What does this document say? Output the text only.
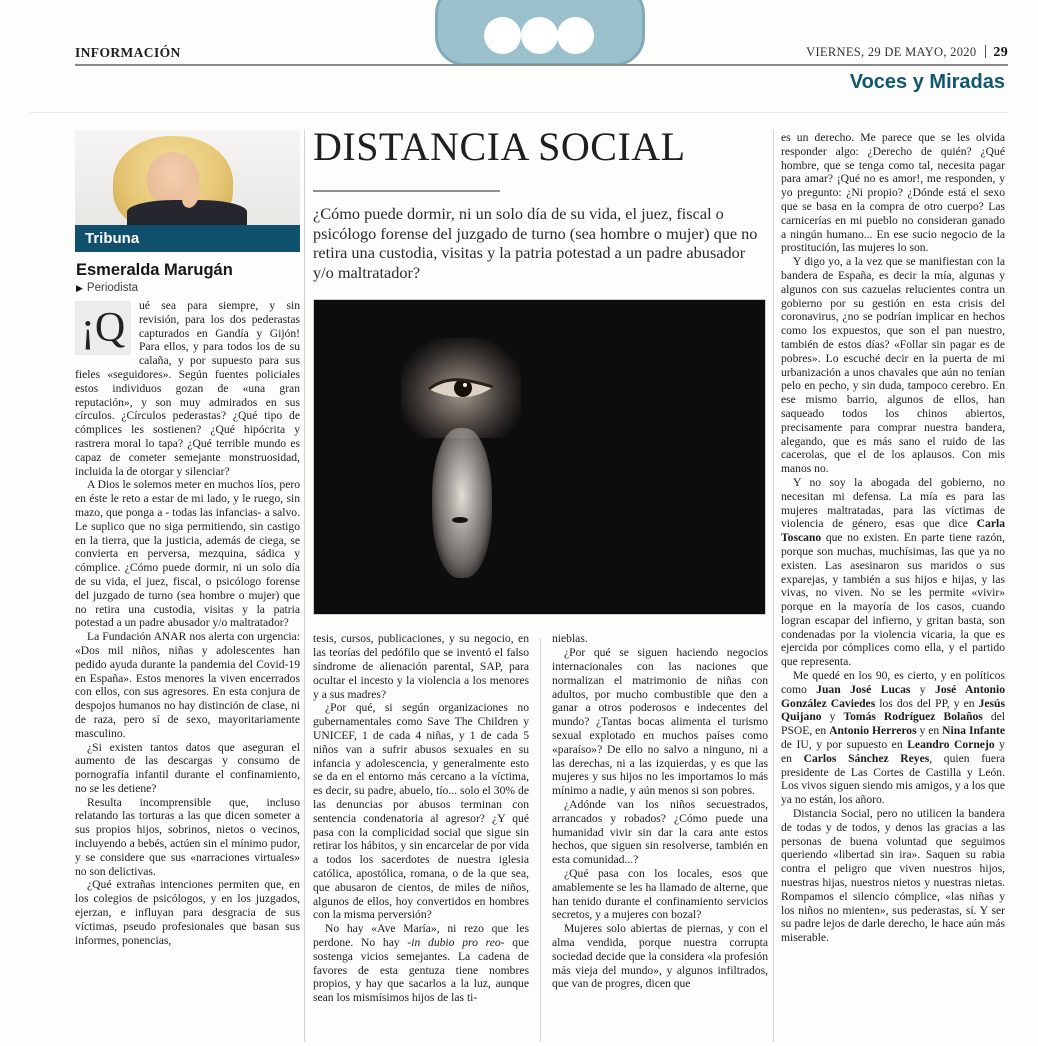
INFORMACIÓN	VIERNES, 29 DE MAYO, 2020 29
Voces y Miradas
Tribuna
Esmeralda Marugán
▶ Periodista
¡Q	ué sea para siempre, y sin revisión, para los dos pederastas capturados en Gandía y Gijón! Para ellos, y para todos los de su calaña, y por supuesto para sus fieles «seguidores». Según fuentes policiales estos individuos gozan de «una gran reputación», y son muy admirados en sus círculos. ¿Círculos pederastas? ¿Qué tipo de cómplices les sostienen? ¿Qué hipócrita y rastrera moral lo tapa? ¿Qué terrible mundo es capaz de cometer semejante monstruosidad, incluida la de otorgar y silenciar?

A Dios le solemos meter en muchos líos, pero en éste le reto a estar de mi lado, y le ruego, sin mazo, que ponga a - todas las infancias- a salvo. Le suplico que no siga permitiendo, sin castigo en la tierra, que la justicia, además de ciega, se convierta en perversa, mezquina, sádica y cómplice. ¿Cómo puede dormir, ni un solo día de su vida, el juez, fiscal, o psicólogo forense del juzgado de turno (sea hombre o mujer) que no retira una custodia, visitas y la patria potestad a un padre abusador y/o maltratador?

La Fundación ANAR nos alerta con urgencia: «Dos mil niños, niñas y adolescentes han pedido ayuda durante la pandemia del Covid-19 en España». Estos menores la viven encerrados con ellos, con sus agresores. En esta conjura de despojos humanos no hay distinción de clase, ni de raza, pero sí de sexo, mayoritariamente masculino.

¿Si existen tantos datos que aseguran el aumento de las descargas y consumo de pornografía infantil durante el confinamiento, no se les detiene?

Resulta incomprensible que, incluso relatando las torturas a las que dicen someter a sus propios hijos, sobrinos, nietos o vecinos, incluyendo a bebés, actúen sin el mínimo pudor, y se considere que sus «narraciones virtuales» no son delictivas.

¿Qué extrañas intenciones permiten que, en los colegios de psicólogos, y en los juzgados, ejerzan, e influyan para desgracia de sus víctimas, pseudo profesionales que basan sus informes, ponencias,

DISTANCIA SOCIAL

¿Cómo puede dormir, ni un solo día de su vida, el juez, fiscal o psicólogo forense del juzgado de turno (sea hombre o mujer) que no retira una custodia, visitas y la patria potestad a un padre abusador y/o maltratador?

tesis, cursos, publicaciones, y su negocio, en las teorías del pedófilo que se inventó el falso síndrome de alienación parental, SAP, para ocultar el incesto y la violencia a los menores y a sus madres?

¿Por qué, si según organizaciones no gubernamentales como Save The Children y UNICEF, 1 de cada 4 niñas, y 1 de cada 5 niños van a sufrir abusos sexuales en su infancia y adolescencia, y generalmente esto se da en el entorno más cercano a la víctima, es decir, su padre, abuelo, tío... solo el 30% de las denuncias por abusos terminan con sentencia condenatoria al agresor? ¿Y qué pasa con la complicidad social que sigue sin retirar los hábitos, y sin encarcelar de por vida a todos los sacerdotes de nuestra iglesia católica, apostólica, romana, o de la que sea, que abusaron de cientos, de miles de niños, algunos de ellos, hoy convertidos en hombres con la misma perversión?

No hay «Ave María», ni rezo que les perdone. No hay -in dubio pro reo- que sostenga vicios semejantes. La cadena de favores de esta gentuza tiene nombres propios, y hay que sacarlos a la luz, aunque sean los mismísimos hijos de las ti-

nieblas.

¿Por qué se siguen haciendo negocios internacionales con las naciones que normalizan el matrimonio de niñas con adultos, por mucho combustible que den a ganar a otros poderosos e indecentes del mundo? ¿Tantas bocas alimenta el turismo sexual explotado en muchos países como «paraíso»? De ello no salvo a ninguno, ni a las derechas, ni a las izquierdas, y es que las mujeres y sus hijos no les importamos lo más mínimo a nadie, y aún menos si son pobres.

¿Adónde van los niños secuestrados, arrancados y robados? ¿Cómo puede una humanidad vivir sin dar la cara ante estos hechos, que siguen sin resolverse, también en esta comunidad...?

¿Qué pasa con los locales, esos que amablemente se les ha llamado de alterne, que han tenido durante el confinamiento servicios secretos, y a mujeres con bozal?

Mujeres solo abiertas de piernas, y con el alma vendida, porque nuestra corrupta sociedad decide que la considera «la profesión más vieja del mundo», y algunos infiltrados, que van de progres, dicen que

es un derecho. Me parece que se les olvida responder algo: ¿Derecho de quién? ¿Qué hombre, que se tenga como tal, necesita pagar para amar? ¡Qué no es amor!, me responden, y yo pregunto: ¿Ni propio? ¿Dónde está el sexo que se basa en la compra de otro cuerpo? Las carnicerías en mi pueblo no consideran ganado a ningún humano... En ese sucio negocio de la prostitución, las mujeres lo son.

Y digo yo, a la vez que se manifiestan con la bandera de España, es decir la mía, algunas y algunos con sus cazuelas relucientes contra un gobierno por su gestión en esta crisis del coronavirus, ¿no se podrían implicar en hechos como los expuestos, que son el pan nuestro, también de estos días? «Follar sin pagar es de pobres». Lo escuché decir en la puerta de mi urbanización a unos chavales que aún no tenían pelo en pecho, y sin duda, tampoco cerebro. En ese mismo barrio, algunos de ellos, han saqueado todos los chinos abiertos, precisamente para comprar nuestra bandera, alegando, que es más sano el ruido de las cacerolas, que el de los aplausos. Con mis manos no.

Y no soy la abogada del gobierno, no necesitan mi defensa. La mía es para las mujeres maltratadas, para las víctimas de violencia de género, esas que dice Carla Toscano que no existen. En parte tiene razón, porque son muchas, muchísimas, las que ya no existen. Las asesinaron sus maridos o sus exparejas, y también a sus hijos e hijas, y las vivas, no viven. No se les permite «vivir» porque en la mayoría de los casos, cuando logran escapar del infierno, y gritan basta, son condenadas por la violencia vicaria, la que es ejercida por cómplices como ella, y el partido que representa.

Me quedé en los 90, es cierto, y en políticos como Juan José Lucas y José Antonio González Caviedes los dos del PP, y en Jesús Quijano y Tomás Rodríguez Bolaños del PSOE, en Antonio Herreros y en Nina Infante de IU, y por supuesto en Leandro Cornejo y en Carlos Sánchez Reyes, quien fuera presidente de Las Cortes de Castilla y León. Los vivos siguen siendo mis amigos, y a los que ya no están, los añoro.

Distancia Social, pero no utilicen la bandera de todas y de todos, y denos las gracias a las personas de buena voluntad que seguimos queriendo «libertad sin ira». Saquen su rabia contra el peligro que viven nuestros hijos, nuestras hijas, nuestros nietos y nuestras nietas. Rompamos el silencio cómplice, «las niñas y los niños no mienten», sus pederastas, sí. Y ser su padre lejos de darle derecho, le hace aún más miserable.
